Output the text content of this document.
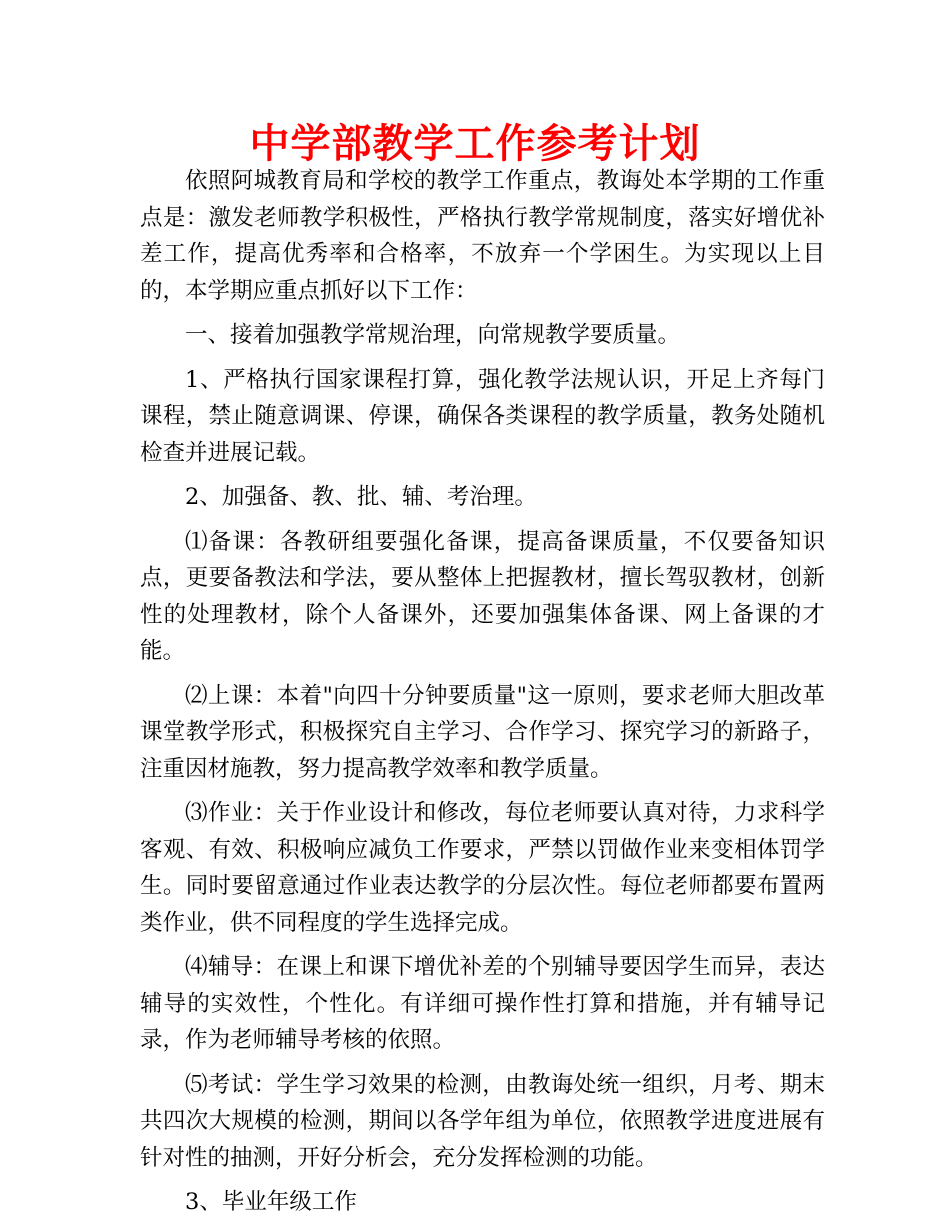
中学部教学工作参考计划

依照阿城教育局和学校的教学工作重点，教诲处本学期的工作重点是：激发老师教学积极性，严格执行教学常规制度，落实好增优补差工作，提高优秀率和合格率，不放弃一个学困生。为实现以上目的，本学期应重点抓好以下工作：

一、接着加强教学常规治理，向常规教学要质量。

1、严格执行国家课程打算，强化教学法规认识，开足上齐每门课程，禁止随意调课、停课，确保各类课程的教学质量，教务处随机检查并进展记载。

2、加强备、教、批、辅、考治理。

⑴备课：各教研组要强化备课，提高备课质量，不仅要备知识点，更要备教法和学法，要从整体上把握教材，擅长驾驭教材，创新性的处理教材，除个人备课外，还要加强集体备课、网上备课的才能。

⑵上课：本着"向四十分钟要质量"这一原则，要求老师大胆改革课堂教学形式，积极探究自主学习、合作学习、探究学习的新路子，注重因材施教，努力提高教学效率和教学质量。

⑶作业：关于作业设计和修改，每位老师要认真对待，力求科学客观、有效、积极响应减负工作要求，严禁以罚做作业来变相体罚学生。同时要留意通过作业表达教学的分层次性。每位老师都要布置两类作业，供不同程度的学生选择完成。

⑷辅导：在课上和课下增优补差的个别辅导要因学生而异，表达辅导的实效性，个性化。有详细可操作性打算和措施，并有辅导记录，作为老师辅导考核的依照。

⑸考试：学生学习效果的检测，由教诲处统一组织，月考、期末共四次大规模的检测，期间以各学年组为单位，依照教学进度进展有针对性的抽测，开好分析会，充分发挥检测的功能。

3、毕业年级工作
